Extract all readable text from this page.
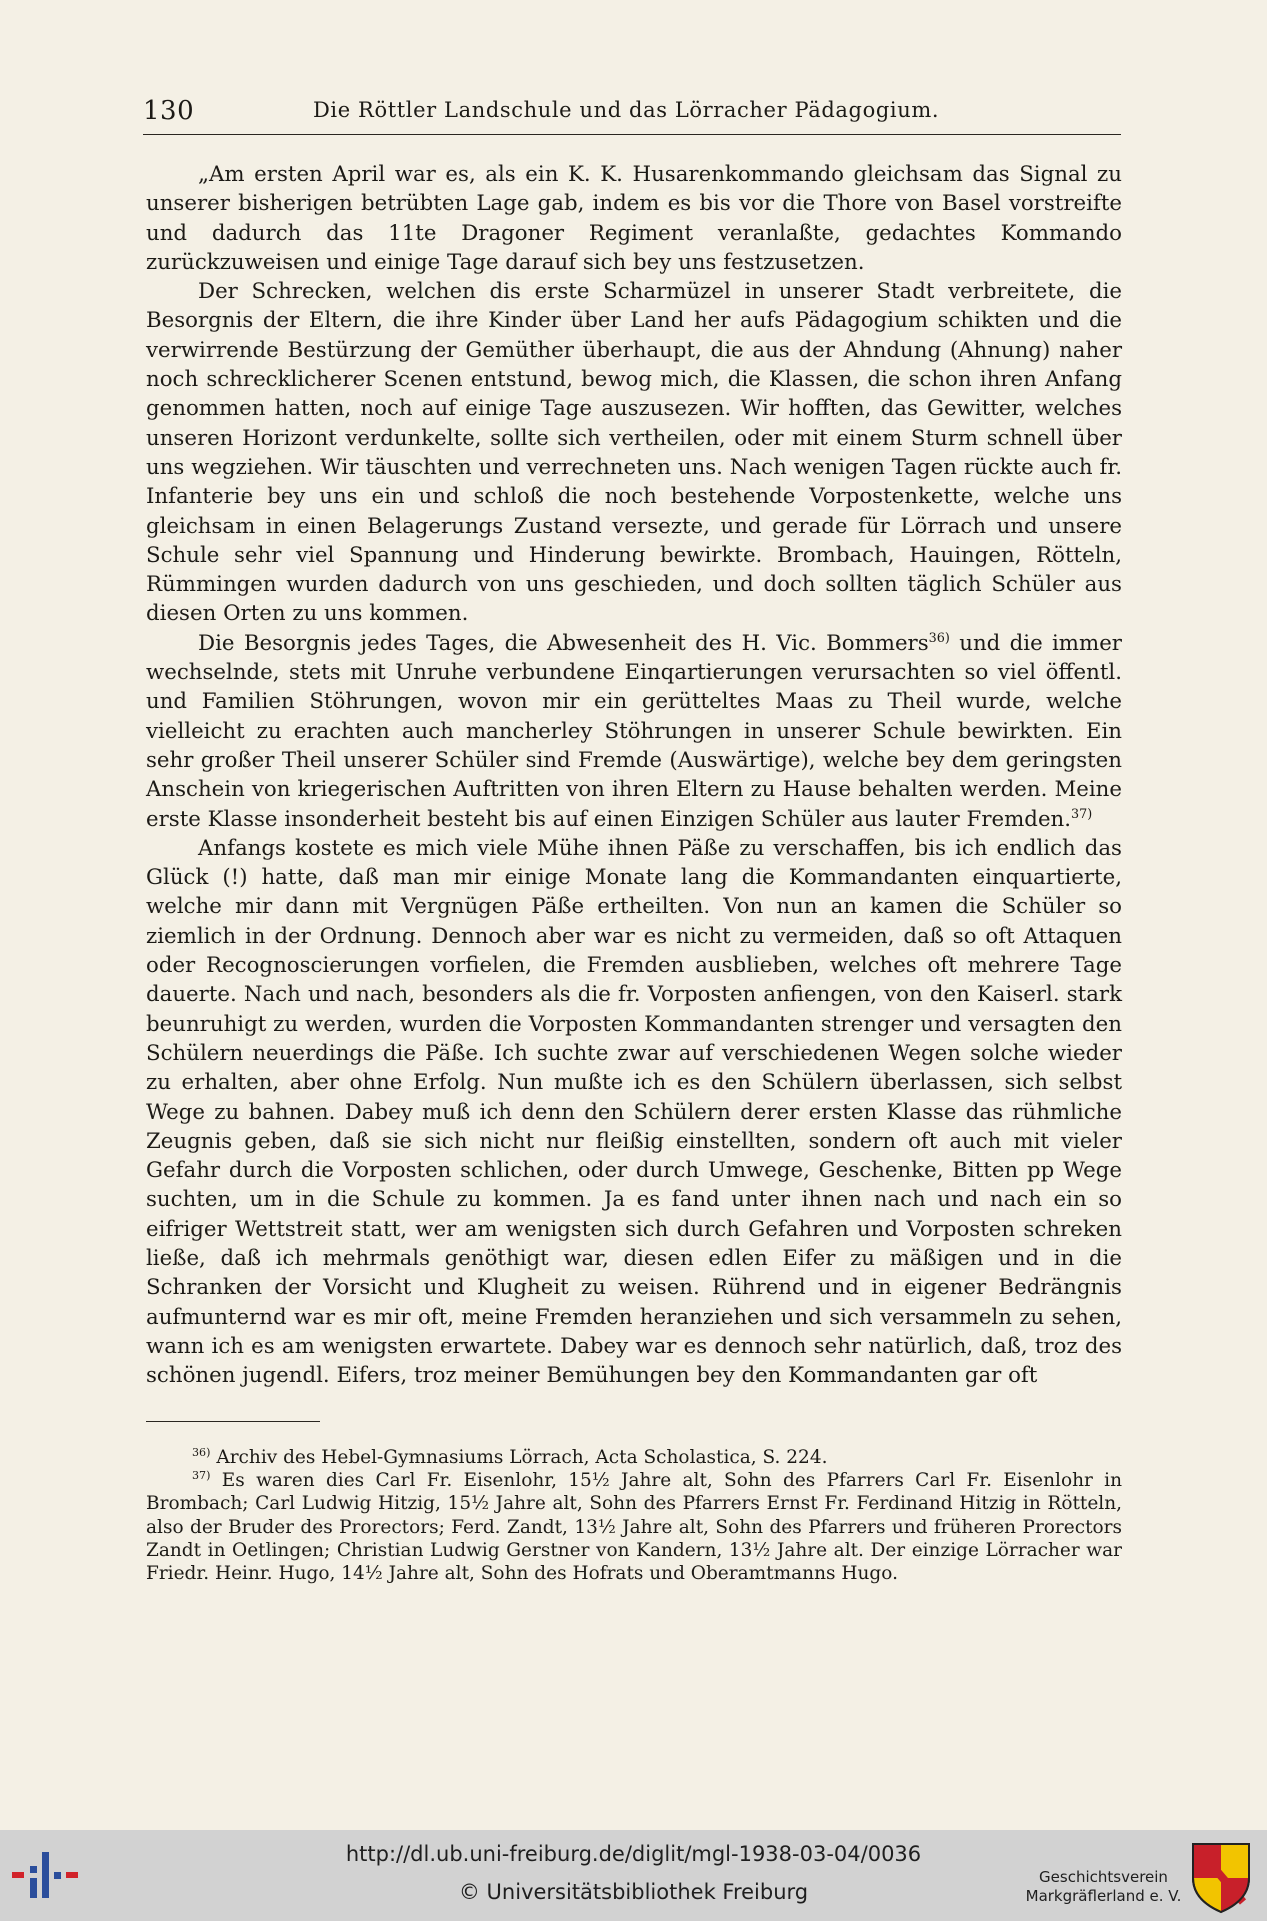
130	Die Röttler Landschule und das Lörracher Pädagogium.

„Am ersten April war es, als ein K. K. Husarenkommando gleichsam das Signal zu unserer bisherigen betrübten Lage gab, indem es bis vor die Thore von Basel vorstreifte und dadurch das 11te Dragoner Regiment veranlaßte, gedachtes Kommando zurückzuweisen und einige Tage darauf sich bey uns festzusetzen.

Der Schrecken, welchen dis erste Scharmüzel in unserer Stadt verbreitete, die Besorgnis der Eltern, die ihre Kinder über Land her aufs Pädagogium schikten und die verwirrende Bestürzung der Gemüther überhaupt, die aus der Ahndung (Ahnung) naher noch schrecklicherer Scenen entstund, bewog mich, die Klassen, die schon ihren Anfang genommen hatten, noch auf einige Tage auszusezen. Wir hofften, das Gewitter, welches unseren Horizont verdunkelte, sollte sich vertheilen, oder mit einem Sturm schnell über uns wegziehen. Wir täuschten und verrechneten uns. Nach wenigen Tagen rückte auch fr. Infanterie bey uns ein und schloß die noch bestehende Vorpostenkette, welche uns gleichsam in einen Belagerungs Zustand versezte, und gerade für Lörrach und unsere Schule sehr viel Spannung und Hinderung bewirkte. Brombach, Hauingen, Rötteln, Rümmingen wurden dadurch von uns geschieden, und doch sollten täglich Schüler aus diesen Orten zu uns kommen.

Die Besorgnis jedes Tages, die Abwesenheit des H. Vic. Bommers$^{36)}$ und die immer wechselnde, stets mit Unruhe verbundene Einqartierungen verursachten so viel öffentl. und Familien Stöhrungen, wovon mir ein gerütteltes Maas zu Theil wurde, welche vielleicht zu erachten auch mancherley Stöhrungen in unserer Schule bewirkten. Ein sehr großer Theil unserer Schüler sind Fremde (Auswärtige), welche bey dem geringsten Anschein von kriegerischen Auftritten von ihren Eltern zu Hause behalten werden. Meine erste Klasse insonderheit besteht bis auf einen Einzigen Schüler aus lauter Fremden.$^{37)}$

Anfangs kostete es mich viele Mühe ihnen Päße zu verschaffen, bis ich endlich das Glück (!) hatte, daß man mir einige Monate lang die Kommandanten einquartierte, welche mir dann mit Vergnügen Päße ertheilten. Von nun an kamen die Schüler so ziemlich in der Ordnung. Dennoch aber war es nicht zu vermeiden, daß so oft Attaquen oder Recognoscierungen vorfielen, die Fremden ausblieben, welches oft mehrere Tage dauerte. Nach und nach, besonders als die fr. Vorposten anfiengen, von den Kaiserl. stark beunruhigt zu werden, wurden die Vorposten Kommandanten strenger und versagten den Schülern neuerdings die Päße. Ich suchte zwar auf verschiedenen Wegen solche wieder zu erhalten, aber ohne Erfolg. Nun mußte ich es den Schülern überlassen, sich selbst Wege zu bahnen. Dabey muß ich denn den Schülern derer ersten Klasse das rühmliche Zeugnis geben, daß sie sich nicht nur fleißig einstellten, sondern oft auch mit vieler Gefahr durch die Vorposten schlichen, oder durch Umwege, Geschenke, Bitten pp Wege suchten, um in die Schule zu kommen. Ja es fand unter ihnen nach und nach ein so eifriger Wettstreit statt, wer am wenigsten sich durch Gefahren und Vorposten schreken ließe, daß ich mehrmals genöthigt war, diesen edlen Eifer zu mäßigen und in die Schranken der Vorsicht und Klugheit zu weisen. Rührend und in eigener Bedrängnis aufmunternd war es mir oft, meine Fremden heranziehen und sich versammeln zu sehen, wann ich es am wenigsten erwartete. Dabey war es dennoch sehr natürlich, daß, troz des schönen jugendl. Eifers, troz meiner Bemühungen bey den Kommandanten gar oft

$^{36)}$ Archiv des Hebel-Gymnasiums Lörrach, Acta Scholastica, S. 224.

$^{37)}$ Es waren dies Carl Fr. Eisenlohr, 15½ Jahre alt, Sohn des Pfarrers Carl Fr. Eisenlohr in Brombach; Carl Ludwig Hitzig, 15½ Jahre alt, Sohn des Pfarrers Ernst Fr. Ferdinand Hitzig in Rötteln, also der Bruder des Prorectors; Ferd. Zandt, 13½ Jahre alt, Sohn des Pfarrers und früheren Prorectors Zandt in Oetlingen; Christian Ludwig Gerstner von Kandern, 13½ Jahre alt. Der einzige Lörracher war Friedr. Heinr. Hugo, 14½ Jahre alt, Sohn des Hofrats und Oberamtmanns Hugo.

http://dl.ub.uni-freiburg.de/diglit/mgl-1938-03-04/0036
© Universitätsbibliothek Freiburg
Geschichtsverein
Markgräflerland e. V.
